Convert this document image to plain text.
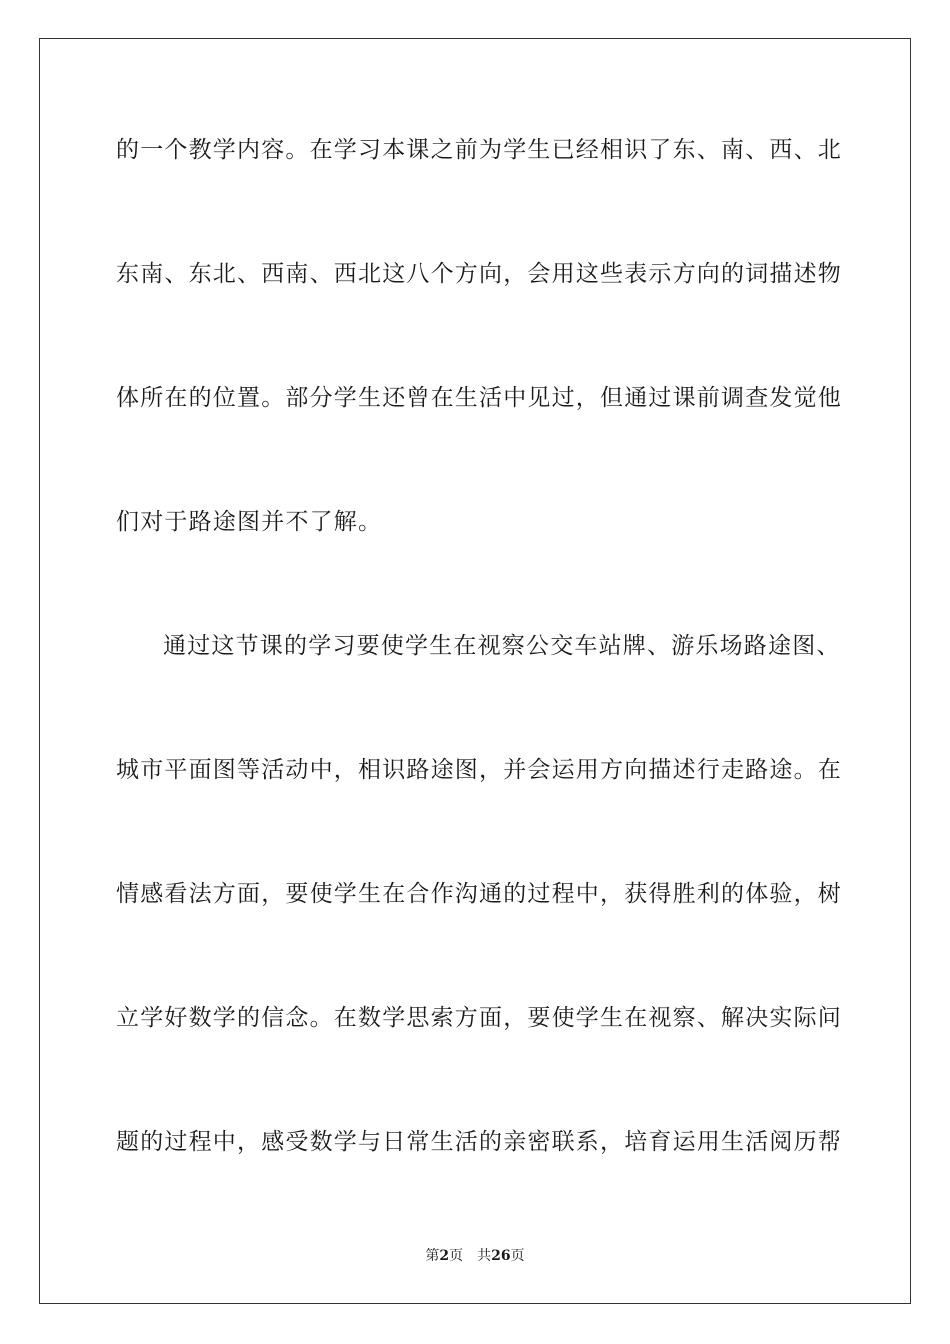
的一个教学内容。在学习本课之前为学生已经相识了东、南、西、北
东南、东北、西南、西北这八个方向，会用这些表示方向的词描述物
体所在的位置。部分学生还曾在生活中见过，但通过课前调查发觉他
们对于路途图并不了解。
通过这节课的学习要使学生在视察公交车站牌、游乐场路途图、
城市平面图等活动中，相识路途图，并会运用方向描述行走路途。在
情感看法方面，要使学生在合作沟通的过程中，获得胜利的体验，树
立学好数学的信念。在数学思索方面，要使学生在视察、解决实际问
题的过程中，感受数学与日常生活的亲密联系，培育运用生活阅历帮
第2页 共26页
